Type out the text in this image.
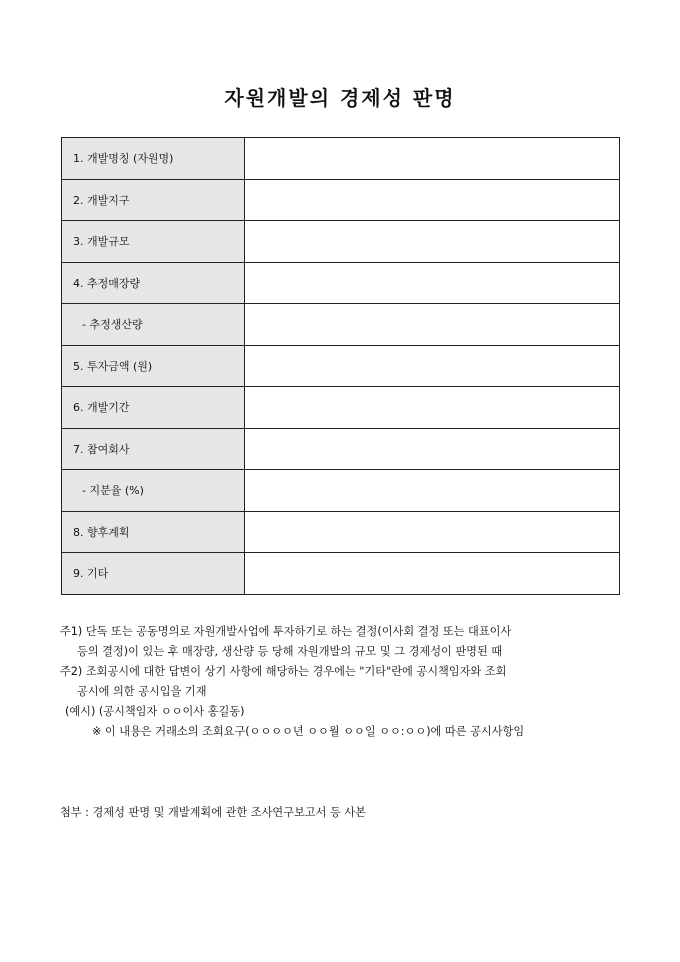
자원개발의 경제성 판명
1. 개발명칭 (자원명)	
2. 개발지구	
3. 개발규모	
4. 추정매장량	
- 추정생산량	
5. 투자금액 (원)	
6. 개발기간	
7. 참여회사	
- 지분율 (%)	
8. 향후계획	
9. 기타	
주1) 단독 또는 공동명의로 자원개발사업에 투자하기로 하는 결정(이사회 결정 또는 대표이사
등의 결정)이 있는 후 매장량, 생산량 등 당해 자원개발의 규모 및 그 경제성이 판명된 때
주2) 조회공시에 대한 답변이 상기 사항에 해당하는 경우에는 "기타"란에 공시책임자와 조회
공시에 의한 공시입을 기재
(예시) (공시책임자 ㅇㅇ이사 홍길동)
※ 이 내용은 거래소의 조회요구(ㅇㅇㅇㅇ년 ㅇㅇ월 ㅇㅇ일 ㅇㅇ:ㅇㅇ)에 따른 공시사항임
첨부 : 경제성 판명 및 개발계획에 관한 조사연구보고서 등 사본
